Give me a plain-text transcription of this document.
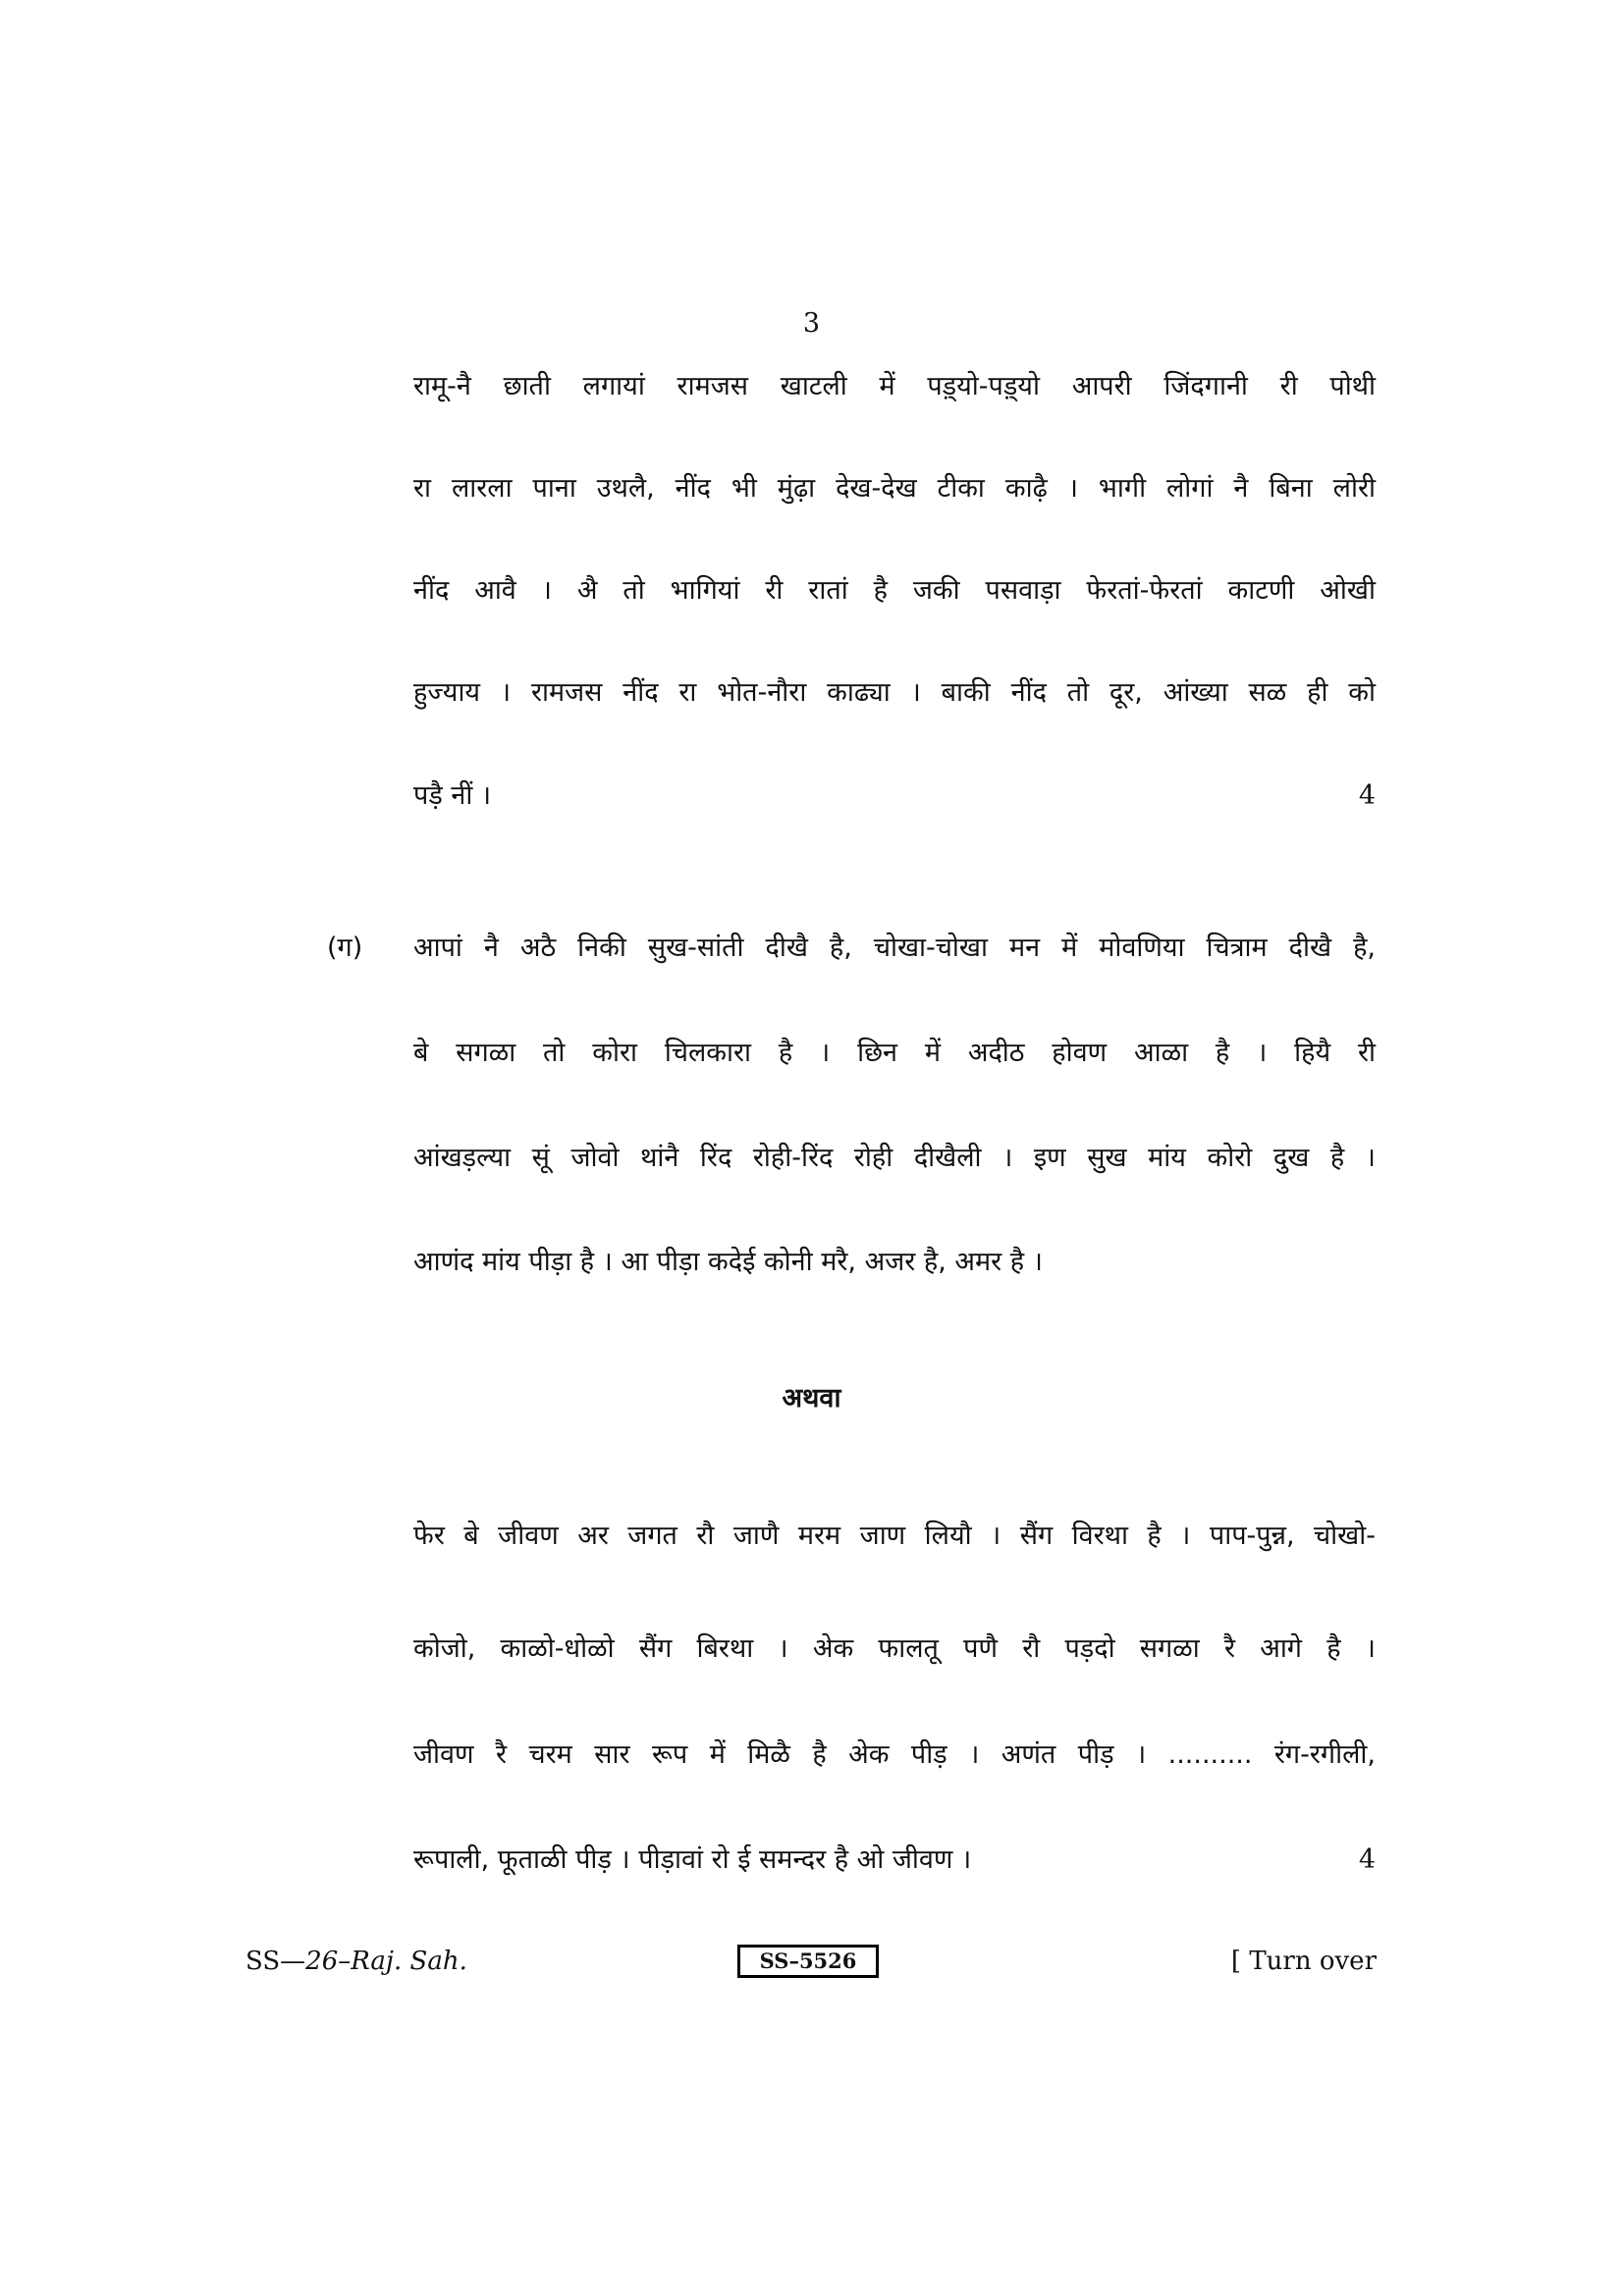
3
रामू-नै छाती लगायां रामजस खाटली में पड़्यो-पड़्यो आपरी जिंदगानी री पोथी
रा लारला पाना उथलै, नींद भी मुंढ़ा देख-देख टीका काढ़ै । भागी लोगां नै बिना लोरी
नींद आवै । अै तो भागियां री रातां है जकी पसवाड़ा फेरतां-फेरतां काटणी ओखी
हुज्याय । रामजस नींद रा भोत-नौरा काढ्या । बाकी नींद तो दूर, आंख्या सळ ही को
पड़ै नीं ।	4
(ग) आपां नै अठै निकी सुख-सांती दीखै है, चोखा-चोखा मन में मोवणिया चित्राम दीखै है,
बे सगळा तो कोरा चिलकारा है । छिन में अदीठ होवण आळा है । हियै री
आंखड़ल्या सूं जोवो थांनै रिंद रोही-रिंद रोही दीखैली । इण सुख मांय कोरो दुख है ।
आणंद मांय पीड़ा है । आ पीड़ा कदेई कोनी मरै, अजर है, अमर है ।
अथवा
फेर बे जीवण अर जगत रौ जाणै मरम जाण लियौ । सैंग विरथा है । पाप-पुन्न, चोखो-
कोजो, काळो-धोळो सैंग बिरथा । अेक फालतू पणै रौ पड़दो सगळा रै आगे है ।
जीवण रै चरम सार रूप में मिळै है अेक पीड़ । अणंत पीड़ । .......... रंग-रगीली,
रूपाली, फूताळी पीड़ । पीड़ावां रो ई समन्दर है ओ जीवण ।	4
SS—26–Raj. Sah.	SS–5526	[ Turn over
